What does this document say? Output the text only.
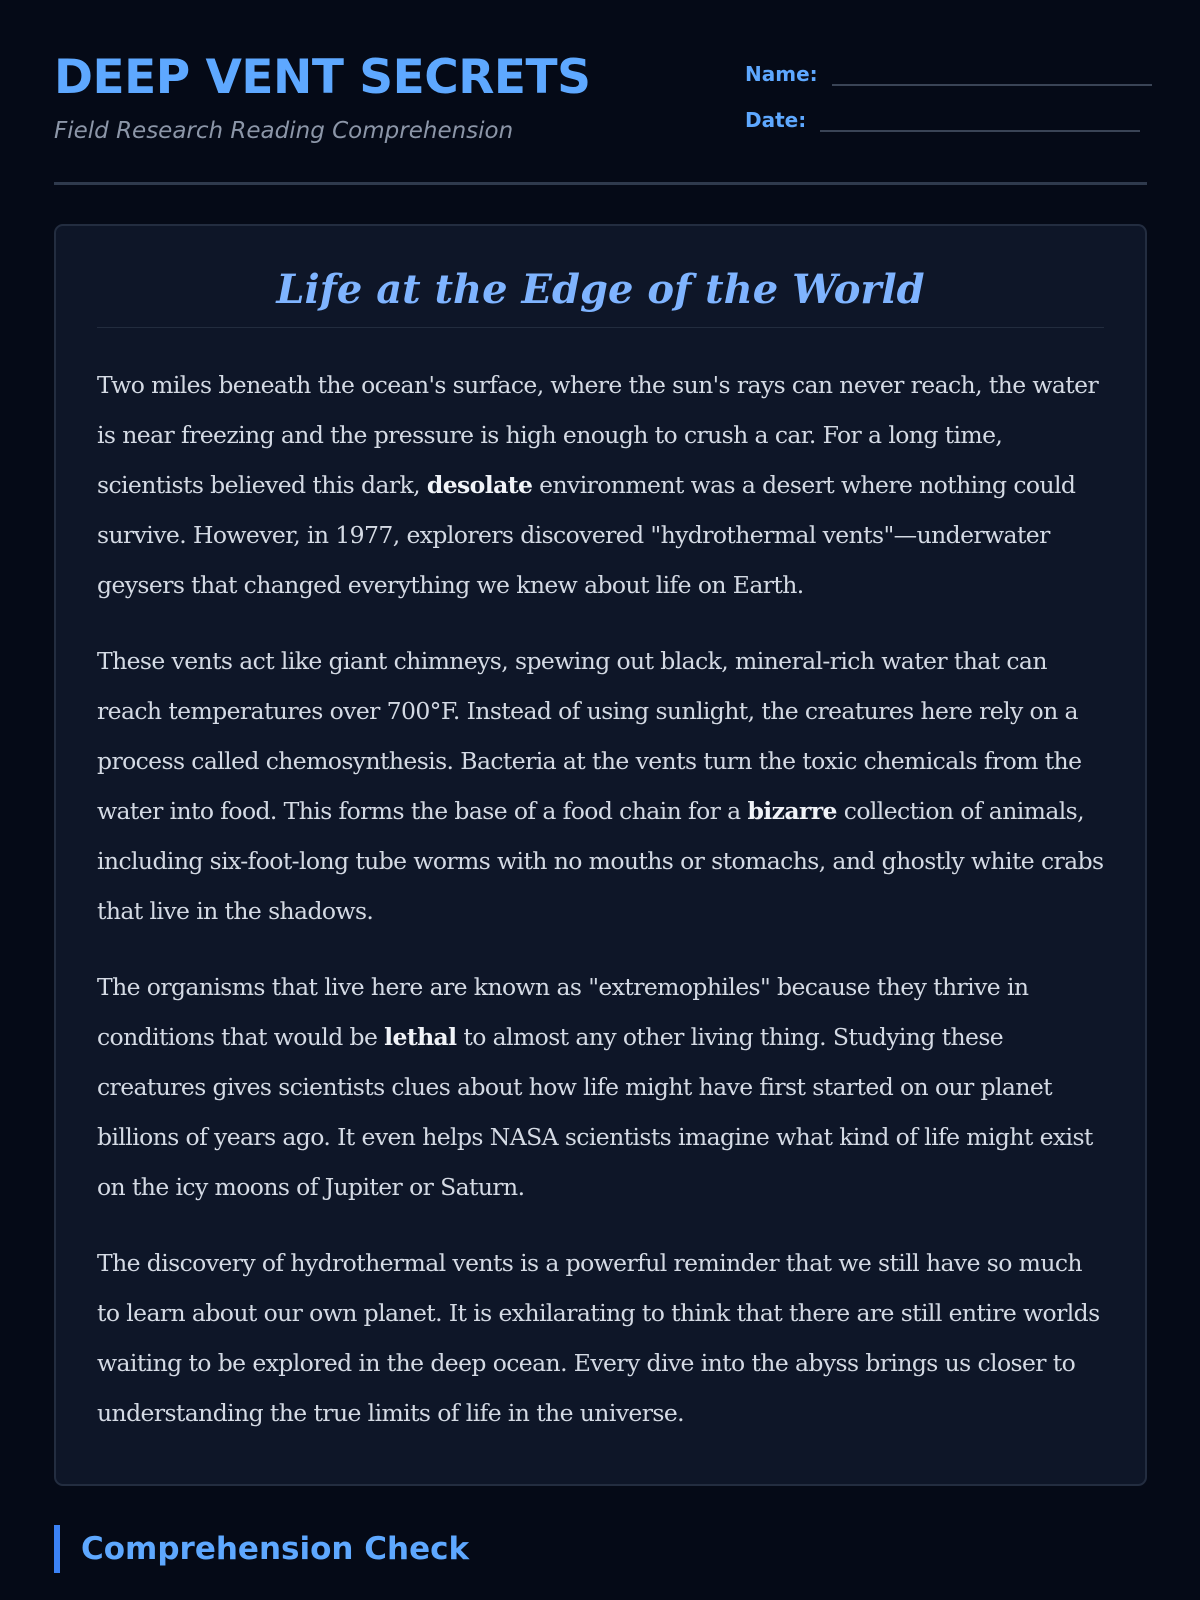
DEEP VENT SECRETS
Field Research Reading Comprehension
Name:
Date:
Life at the Edge of the World

Two miles beneath the ocean's surface, where the sun's rays can never reach, the water is near freezing and the pressure is high enough to crush a car. For a long time, scientists believed this dark, desolate environment was a desert where nothing could survive. However, in 1977, explorers discovered "hydrothermal vents"—underwater geysers that changed everything we knew about life on Earth.

These vents act like giant chimneys, spewing out black, mineral-rich water that can reach temperatures over 700°F. Instead of using sunlight, the creatures here rely on a process called chemosynthesis. Bacteria at the vents turn the toxic chemicals from the water into food. This forms the base of a food chain for a bizarre collection of animals, including six-foot-long tube worms with no mouths or stomachs, and ghostly white crabs that live in the shadows.

The organisms that live here are known as "extremophiles" because they thrive in conditions that would be lethal to almost any other living thing. Studying these creatures gives scientists clues about how life might have first started on our planet billions of years ago. It even helps NASA scientists imagine what kind of life might exist on the icy moons of Jupiter or Saturn.

The discovery of hydrothermal vents is a powerful reminder that we still have so much to learn about our own planet. It is exhilarating to think that there are still entire worlds waiting to be explored in the deep ocean. Every dive into the abyss brings us closer to understanding the true limits of life in the universe.

Comprehension Check
